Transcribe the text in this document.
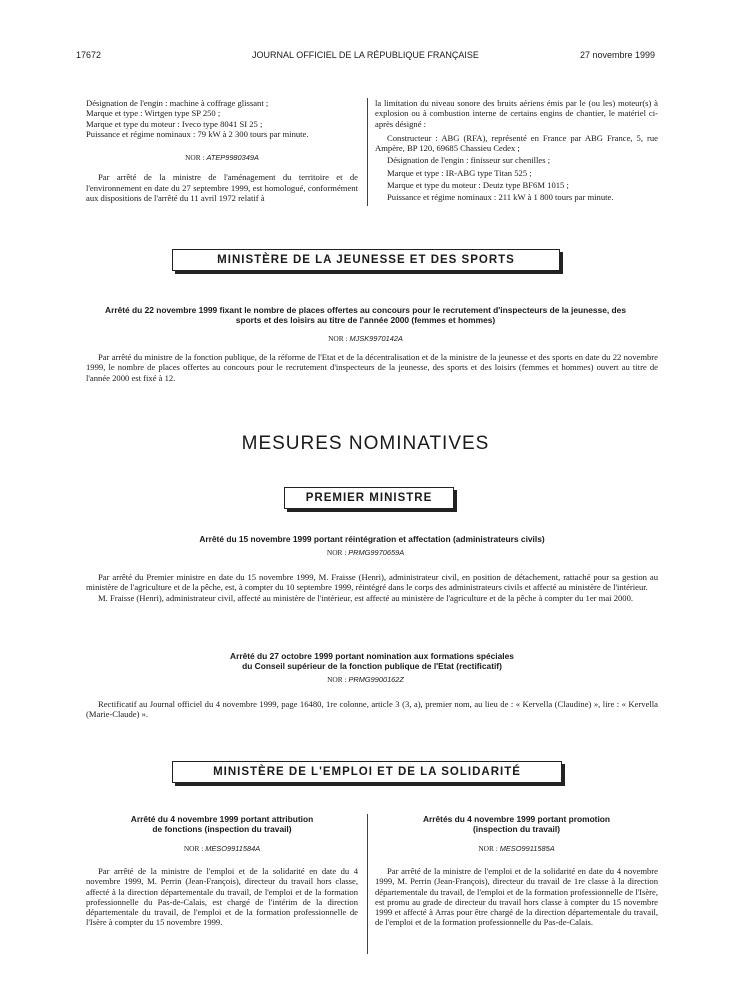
17672	JOURNAL OFFICIEL DE LA RÉPUBLIQUE FRANÇAISE	27 novembre 1999

Désignation de l'engin : machine à coffrage glissant ;

Marque et type : Wirtgen type SP 250 ;

Marque et type du moteur : Iveco type 8041 SI 25 ;

Puissance et régime nominaux : 79 kW à 2 300 tours par minute.

NOR : ATEP9980349A

Par arrêté de la ministre de l'aménagement du territoire et de l'environnement en date du 27 septembre 1999, est homologué, conformément aux dispositions de l'arrêté du 11 avril 1972 relatif à

la limitation du niveau sonore des bruits aériens émis par le (ou les) moteur(s) à explosion ou à combustion interne de certains engins de chantier, le matériel ci-après désigné :

Constructeur : ABG (RFA), représenté en France par ABG France, 5, rue Ampère, BP 120, 69685 Chassieu Cedex ;

Désignation de l'engin : finisseur sur chenilles ;

Marque et type : IR-ABG type Titan 525 ;

Marque et type du moteur : Deutz type BF6M 1015 ;

Puissance et régime nominaux : 211 kW à 1 800 tours par minute.

MINISTÈRE DE LA JEUNESSE ET DES SPORTS
Arrêté du 22 novembre 1999 fixant le nombre de places offertes au concours pour le recrutement d'inspecteurs de la jeunesse, des sports et des loisirs au titre de l'année 2000 (femmes et hommes)
NOR : MJSK9970142A

Par arrêté du ministre de la fonction publique, de la réforme de l'Etat et de la décentralisation et de la ministre de la jeunesse et des sports en date du 22 novembre 1999, le nombre de places offertes au concours pour le recrutement d'inspecteurs de la jeunesse, des sports et des loisirs (femmes et hommes) ouvert au titre de l'année 2000 est fixé à 12.

MESURES NOMINATIVES
PREMIER MINISTRE
Arrêté du 15 novembre 1999 portant réintégration et affectation (administrateurs civils)
NOR : PRMG9970659A

Par arrêté du Premier ministre en date du 15 novembre 1999, M. Fraisse (Henri), administrateur civil, en position de détachement, rattaché pour sa gestion au ministère de l'agriculture et de la pêche, est, à compter du 10 septembre 1999, réintégré dans le corps des administrateurs civils et affecté au ministère de l'intérieur.

M. Fraisse (Henri), administrateur civil, affecté au ministère de l'intérieur, est affecté au ministère de l'agriculture et de la pêche à compter du 1er mai 2000.

Arrêté du 27 octobre 1999 portant nomination aux formations spéciales
du Conseil supérieur de la fonction publique de l'Etat (rectificatif)
NOR : PRMG9900162Z

Rectificatif au Journal officiel du 4 novembre 1999, page 16480, 1re colonne, article 3 (3, a), premier nom, au lieu de : « Kervella (Claudine) », lire : « Kervella (Marie-Claude) ».

MINISTÈRE DE L'EMPLOI ET DE LA SOLIDARITÉ
Arrêté du 4 novembre 1999 portant attribution
de fonctions (inspection du travail)
NOR : MESO9911584A

Par arrêté de la ministre de l'emploi et de la solidarité en date du 4 novembre 1999, M. Perrin (Jean-François), directeur du travail hors classe, affecté à la direction départementale du travail, de l'emploi et de la formation professionnelle du Pas-de-Calais, est chargé de l'intérim de la direction départementale du travail, de l'emploi et de la formation professionnelle de l'Isère à compter du 15 novembre 1999.

Arrêtés du 4 novembre 1999 portant promotion
(inspection du travail)
NOR : MESO9911585A

Par arrêté de la ministre de l'emploi et de la solidarité en date du 4 novembre 1999, M. Perrin (Jean-François), directeur du travail de 1re classe à la direction départementale du travail, de l'emploi et de la formation professionnelle de l'Isère, est promu au grade de directeur du travail hors classe à compter du 15 novembre 1999 et affecté à Arras pour être chargé de la direction départementale du travail, de l'emploi et de la formation professionnelle du Pas-de-Calais.
